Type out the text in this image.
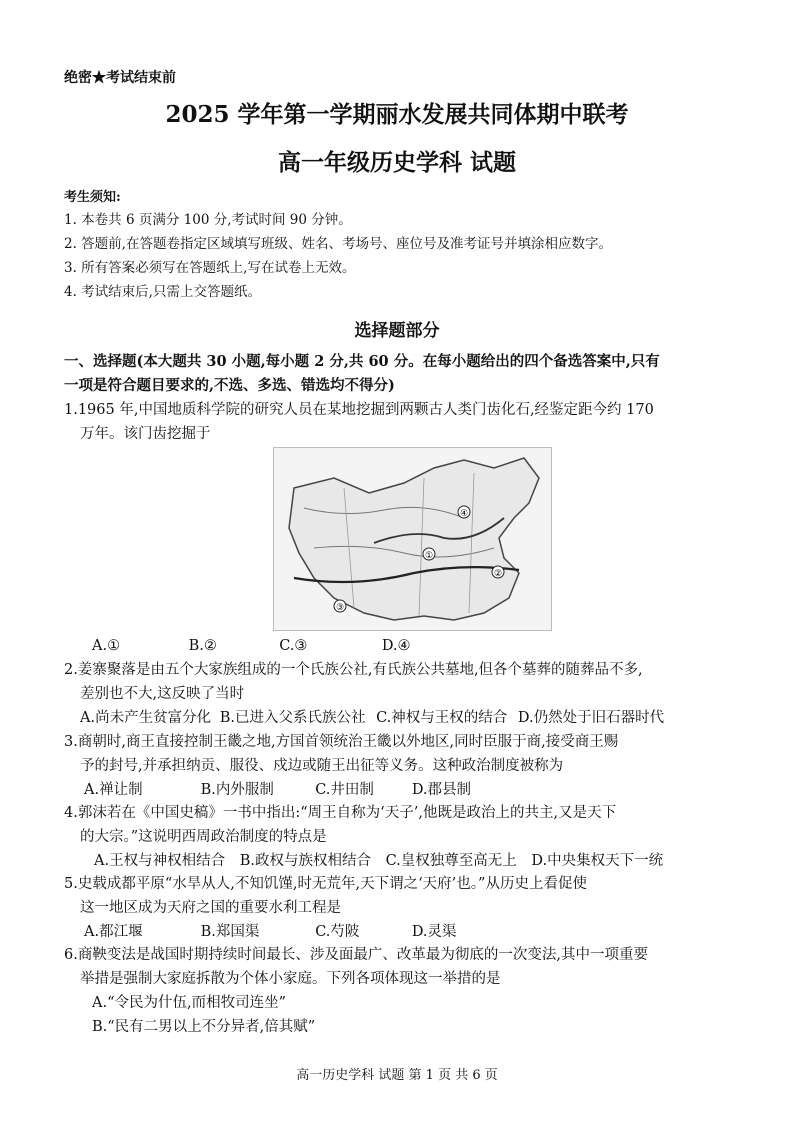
绝密★考试结束前
2025 学年第一学期丽水发展共同体期中联考
高一年级历史学科 试题
考生须知:
1. 本卷共 6 页满分 100 分,考试时间 90 分钟。
2. 答题前,在答题卷指定区域填写班级、姓名、考场号、座位号及准考证号并填涂相应数字。
3. 所有答案必须写在答题纸上,写在试卷上无效。
4. 考试结束后,只需上交答题纸。
选择题部分
一、选择题(本大题共 30 小题,每小题 2 分,共 60 分。在每小题给出的四个备选答案中,只有
一项是符合题目要求的,不选、多选、错选均不得分)
1.1965 年,中国地质科学院的研究人员在某地挖掘到两颗古人类门齿化石,经鉴定距今约 170
万年。该门齿挖掘于
①
②
③
④
A.①	B.②	C.③	D.④
2.姜寨聚落是由五个大家族组成的一个氏族公社,有氏族公共墓地,但各个墓葬的随葬品不多,
差别也不大,这反映了当时
A.尚未产生贫富分化 B.已进入父系氏族公社 C.神权与王权的结合 D.仍然处于旧石器时代
3.商朝时,商王直接控制王畿之地,方国首领统治王畿以外地区,同时臣服于商,接受商王赐
予的封号,并承担纳贡、服役、戍边或随王出征等义务。这种政治制度被称为
A.禅让制	B.内外服制	C.井田制	D.郡县制
4.郭沫若在《中国史稿》一书中指出:“周王自称为‘天子’,他既是政治上的共主,又是天下
的大宗。”这说明西周政治制度的特点是
A.王权与神权相结合 B.政权与族权相结合 C.皇权独尊至高无上 D.中央集权天下一统
5.史载成都平原“水旱从人,不知饥馑,时无荒年,天下谓之‘天府’也。”从历史上看促使
这一地区成为天府之国的重要水利工程是
A.都江堰	B.郑国渠	C.芍陂	D.灵渠
6.商鞅变法是战国时期持续时间最长、涉及面最广、改革最为彻底的一次变法,其中一项重要
举措是强制大家庭拆散为个体小家庭。下列各项体现这一举措的是
A.“令民为什伍,而相牧司连坐”
B.“民有二男以上不分异者,倍其赋”
高一历史学科 试题 第 1 页 共 6 页
